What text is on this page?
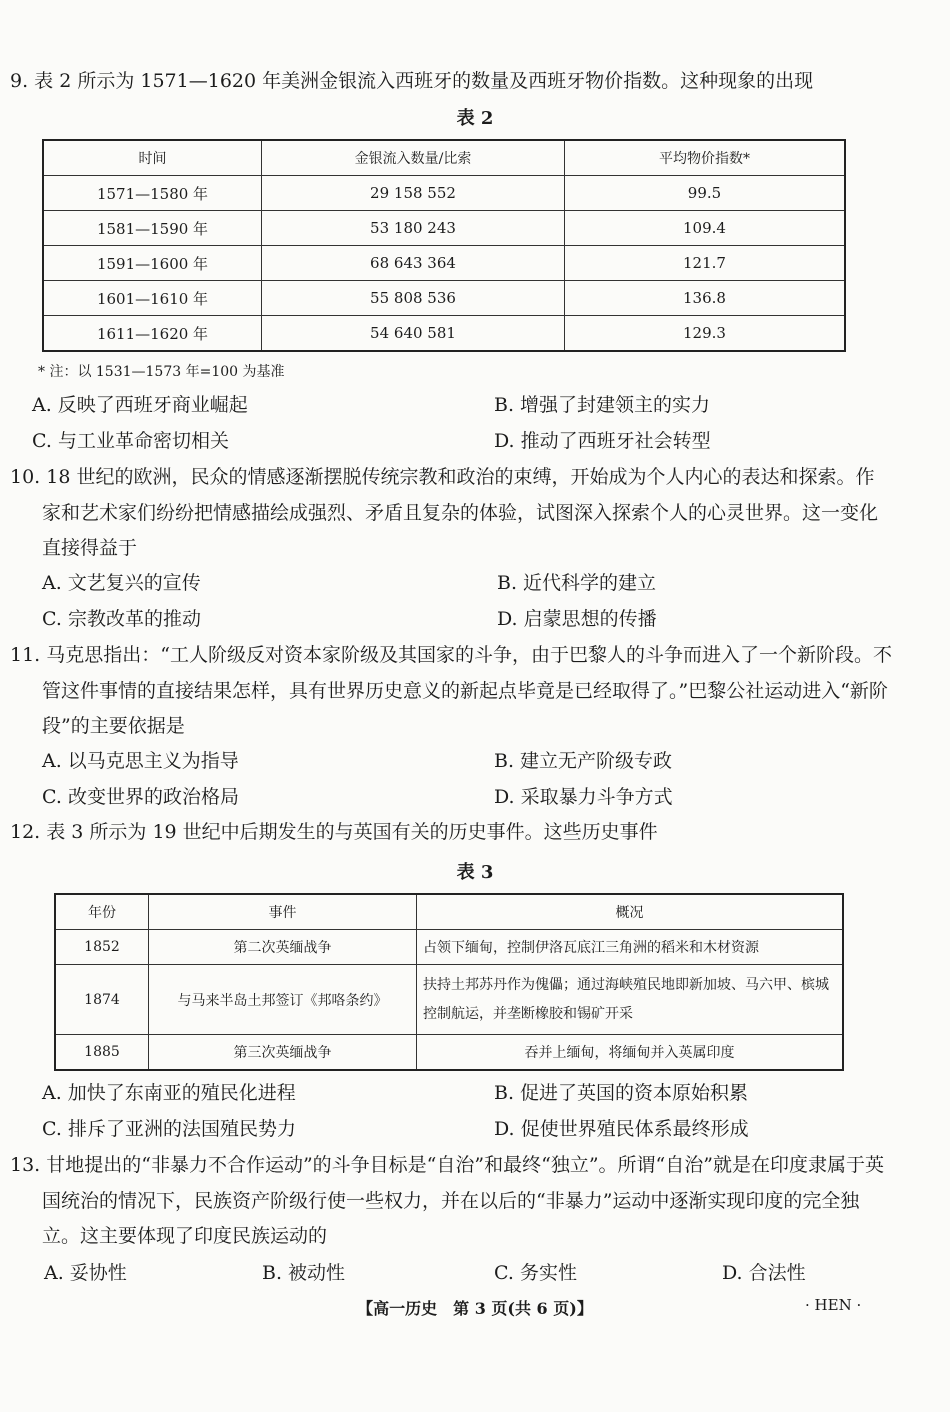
9. 表 2 所示为 1571—1620 年美洲金银流入西班牙的数量及西班牙物价指数。这种现象的出现
表 2
时间	金银流入数量/比索	平均物价指数*
1571—1580 年	29 158 552	99.5
1581—1590 年	53 180 243	109.4
1591—1600 年	68 643 364	121.7
1601—1610 年	55 808 536	136.8
1611—1620 年	54 640 581	129.3
* 注：以 1531—1573 年=100 为基准
A. 反映了西班牙商业崛起	B. 增强了封建领主的实力
C. 与工业革命密切相关	D. 推动了西班牙社会转型
10. 18 世纪的欧洲，民众的情感逐渐摆脱传统宗教和政治的束缚，开始成为个人内心的表达和探索。作家和艺术家们纷纷把情感描绘成强烈、矛盾且复杂的体验，试图深入探索个人的心灵世界。这一变化直接得益于
A. 文艺复兴的宣传	B. 近代科学的建立
C. 宗教改革的推动	D. 启蒙思想的传播
11. 马克思指出：“工人阶级反对资本家阶级及其国家的斗争，由于巴黎人的斗争而进入了一个新阶段。不管这件事情的直接结果怎样，具有世界历史意义的新起点毕竟是已经取得了。”巴黎公社运动进入“新阶段”的主要依据是
A. 以马克思主义为指导	B. 建立无产阶级专政
C. 改变世界的政治格局	D. 采取暴力斗争方式
12. 表 3 所示为 19 世纪中后期发生的与英国有关的历史事件。这些历史事件
表 3
年份	事件	概况
1852	第二次英缅战争	占领下缅甸，控制伊洛瓦底江三角洲的稻米和木材资源
1874	与马来半岛土邦签订《邦咯条约》	扶持土邦苏丹作为傀儡；通过海峡殖民地即新加坡、马六甲、槟城控制航运，并垄断橡胶和锡矿开采
1885	第三次英缅战争	吞并上缅甸，将缅甸并入英属印度
A. 加快了东南亚的殖民化进程	B. 促进了英国的资本原始积累
C. 排斥了亚洲的法国殖民势力	D. 促使世界殖民体系最终形成
13. 甘地提出的“非暴力不合作运动”的斗争目标是“自治”和最终“独立”。所谓“自治”就是在印度隶属于英国统治的情况下，民族资产阶级行使一些权力，并在以后的“非暴力”运动中逐渐实现印度的完全独立。这主要体现了印度民族运动的
A. 妥协性	B. 被动性	C. 务实性	D. 合法性
【高一历史　第 3 页(共 6 页)】	· HEN ·
